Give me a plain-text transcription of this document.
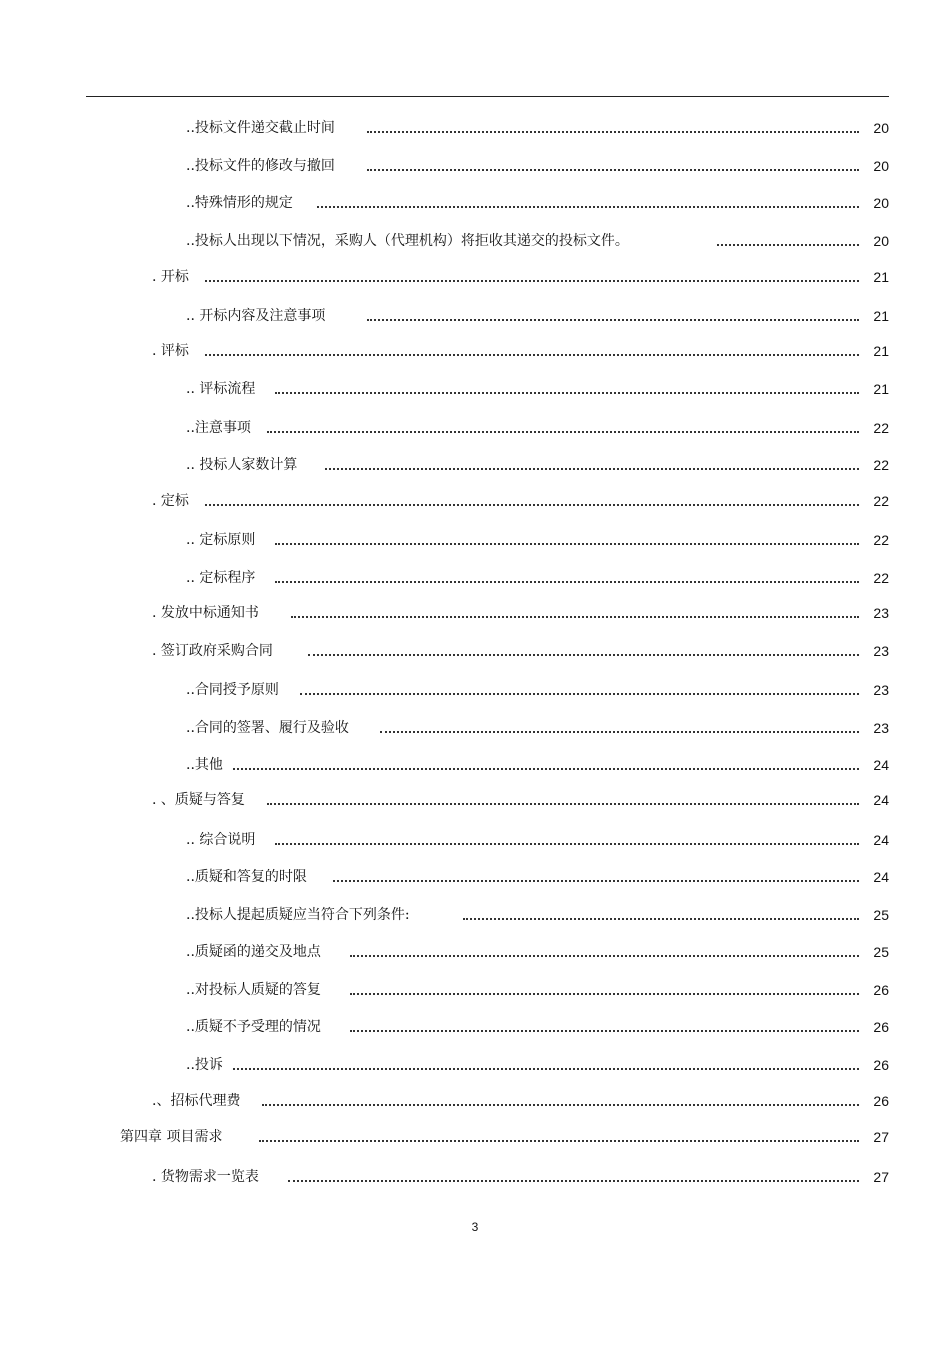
..投标文件递交截止时间	20
..投标文件的修改与撤回	20
..特殊情形的规定	20
..投标人出现以下情况，采购人（代理机构）将拒收其递交的投标文件。	20
. 开标	21
.. 开标内容及注意事项	21
. 评标	21
.. 评标流程	21
..注意事项	22
.. 投标人家数计算	22
. 定标	22
.. 定标原则	22
.. 定标程序	22
. 发放中标通知书	23
. 签订政府采购合同	23
..合同授予原则	23
..合同的签署、履行及验收	23
..其他	24
. 、质疑与答复	24
.. 综合说明	24
..质疑和答复的时限	24
..投标人提起质疑应当符合下列条件:	25
..质疑函的递交及地点	25
..对投标人质疑的答复	26
..质疑不予受理的情况	26
..投诉	26
.、招标代理费	26
第四章 项目需求	27
. 货物需求一览表	27
3
